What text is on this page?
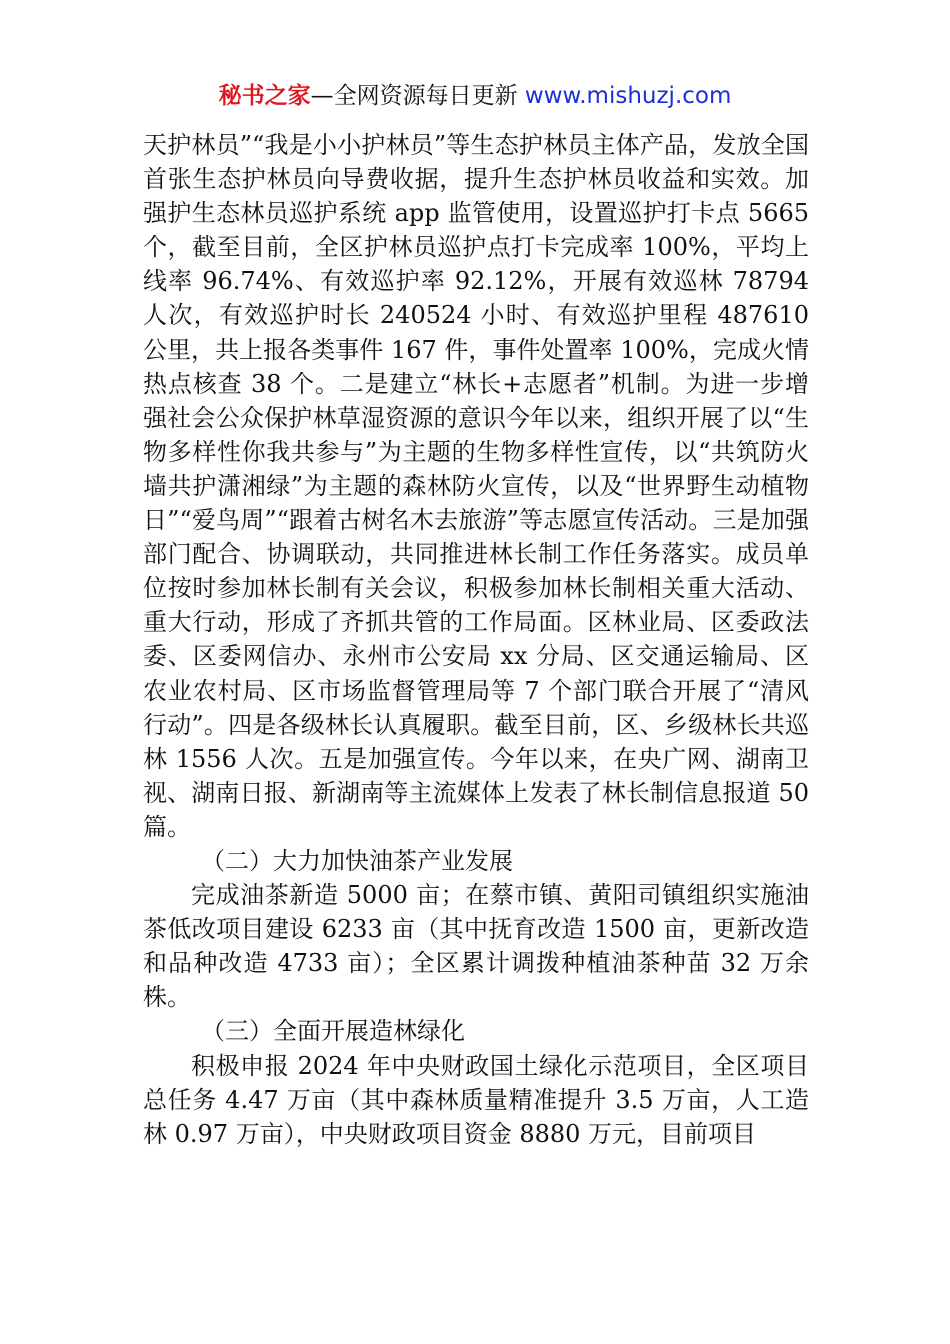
秘书之家—全网资源每日更新 www.mishuzj.com

天护林员”“我是小小护林员”等生态护林员主体产品，发放全国首张生态护林员向导费收据，提升生态护林员收益和实效。加强护生态林员巡护系统 app 监管使用，设置巡护打卡点 5665 个，截至目前，全区护林员巡护点打卡完成率 100%，平均上线率 96.74%、有效巡护率 92.12%，开展有效巡林 78794 人次，有效巡护时长 240524 小时、有效巡护里程 487610 公里，共上报各类事件 167 件，事件处置率 100%，完成火情热点核查 38 个。二是建立“林长+志愿者”机制。为进一步增强社会公众保护林草湿资源的意识今年以来，组织开展了以“生物多样性你我共参与”为主题的生物多样性宣传，以“共筑防火墙共护潇湘绿”为主题的森林防火宣传，以及“世界野生动植物日”“爱鸟周”“跟着古树名木去旅游”等志愿宣传活动。三是加强部门配合、协调联动，共同推进林长制工作任务落实。成员单位按时参加林长制有关会议，积极参加林长制相关重大活动、重大行动，形成了齐抓共管的工作局面。区林业局、区委政法委、区委网信办、永州市公安局 xx 分局、区交通运输局、区农业农村局、区市场监督管理局等 7 个部门联合开展了“清风行动”。四是各级林长认真履职。截至目前，区、乡级林长共巡林 1556 人次。五是加强宣传。今年以来，在央广网、湖南卫视、湖南日报、新湖南等主流媒体上发表了林长制信息报道 50 篇。

（二）大力加快油茶产业发展

完成油茶新造 5000 亩；在蔡市镇、黄阳司镇组织实施油茶低改项目建设 6233 亩（其中抚育改造 1500 亩，更新改造和品种改造 4733 亩）；全区累计调拨种植油茶种苗 32 万余株。

（三）全面开展造林绿化

积极申报 2024 年中央财政国土绿化示范项目，全区项目总任务 4.47 万亩（其中森林质量精准提升 3.5 万亩，人工造林 0.97 万亩），中央财政项目资金 8880 万元，目前项目
